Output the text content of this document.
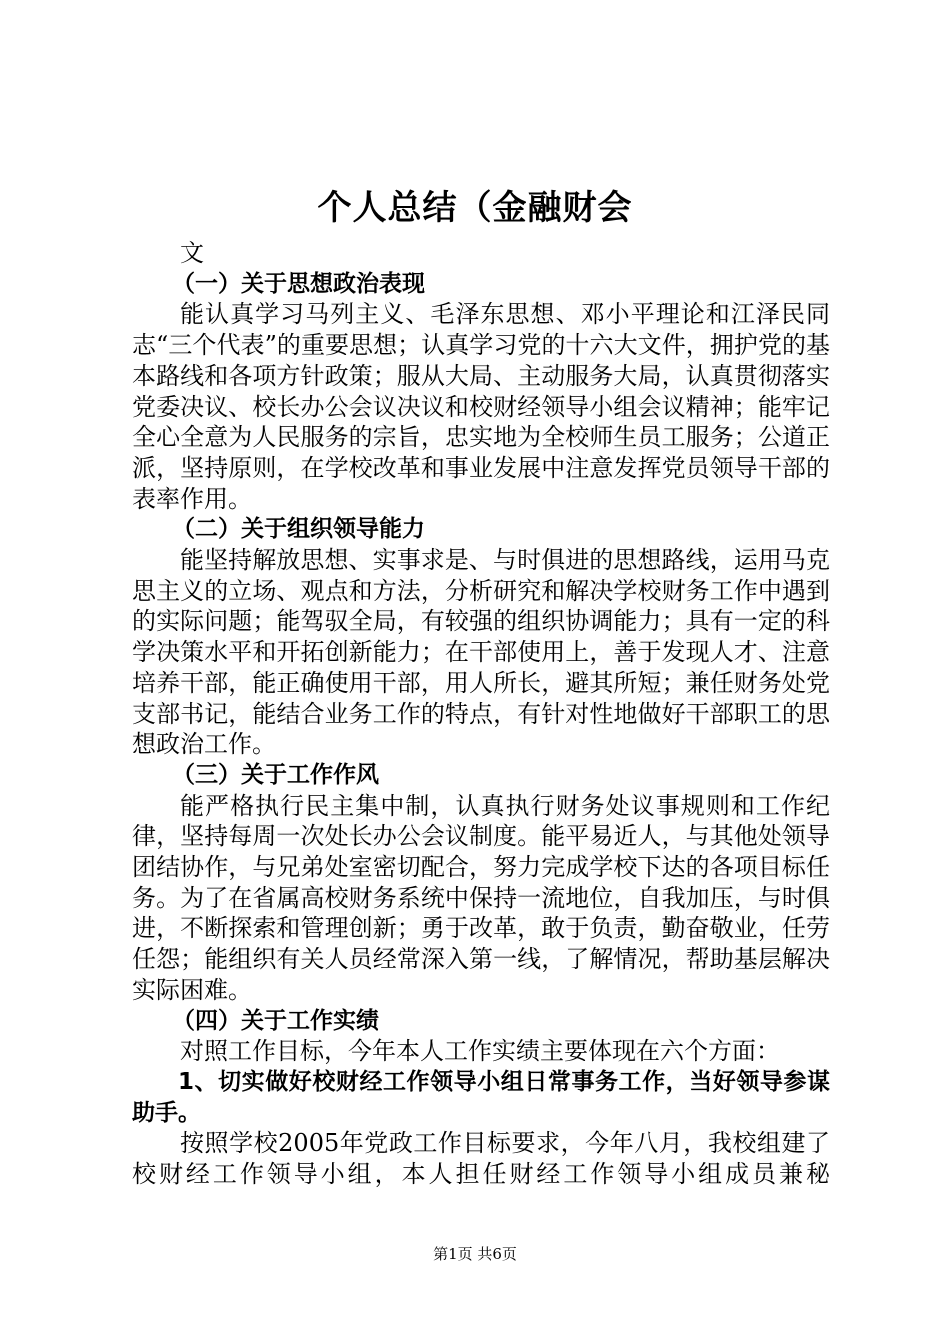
个人总结（金融财会

文

（一）关于思想政治表现

能认真学习马列主义、毛泽东思想、邓小平理论和江泽民同志“三个代表”的重要思想；认真学习党的十六大文件，拥护党的基本路线和各项方针政策；服从大局、主动服务大局，认真贯彻落实党委决议、校长办公会议决议和校财经领导小组会议精神；能牢记全心全意为人民服务的宗旨，忠实地为全校师生员工服务；公道正派，坚持原则，在学校改革和事业发展中注意发挥党员领导干部的表率作用。

（二）关于组织领导能力

能坚持解放思想、实事求是、与时俱进的思想路线，运用马克思主义的立场、观点和方法，分析研究和解决学校财务工作中遇到的实际问题；能驾驭全局，有较强的组织协调能力；具有一定的科学决策水平和开拓创新能力；在干部使用上，善于发现人才、注意培养干部，能正确使用干部，用人所长，避其所短；兼任财务处党支部书记，能结合业务工作的特点，有针对性地做好干部职工的思想政治工作。

（三）关于工作作风

能严格执行民主集中制，认真执行财务处议事规则和工作纪律，坚持每周一次处长办公会议制度。能平易近人，与其他处领导团结协作，与兄弟处室密切配合，努力完成学校下达的各项目标任务。为了在省属高校财务系统中保持一流地位，自我加压，与时俱进，不断探索和管理创新；勇于改革，敢于负责，勤奋敬业，任劳任怨；能组织有关人员经常深入第一线，了解情况，帮助基层解决实际困难。

（四）关于工作实绩

对照工作目标，今年本人工作实绩主要体现在六个方面：

1、切实做好校财经工作领导小组日常事务工作，当好领导参谋助手。

按照学校2005年党政工作目标要求，今年八月，我校组建了校财经工作领导小组，本人担任财经工作领导小组成员兼秘

第1页 共6页
